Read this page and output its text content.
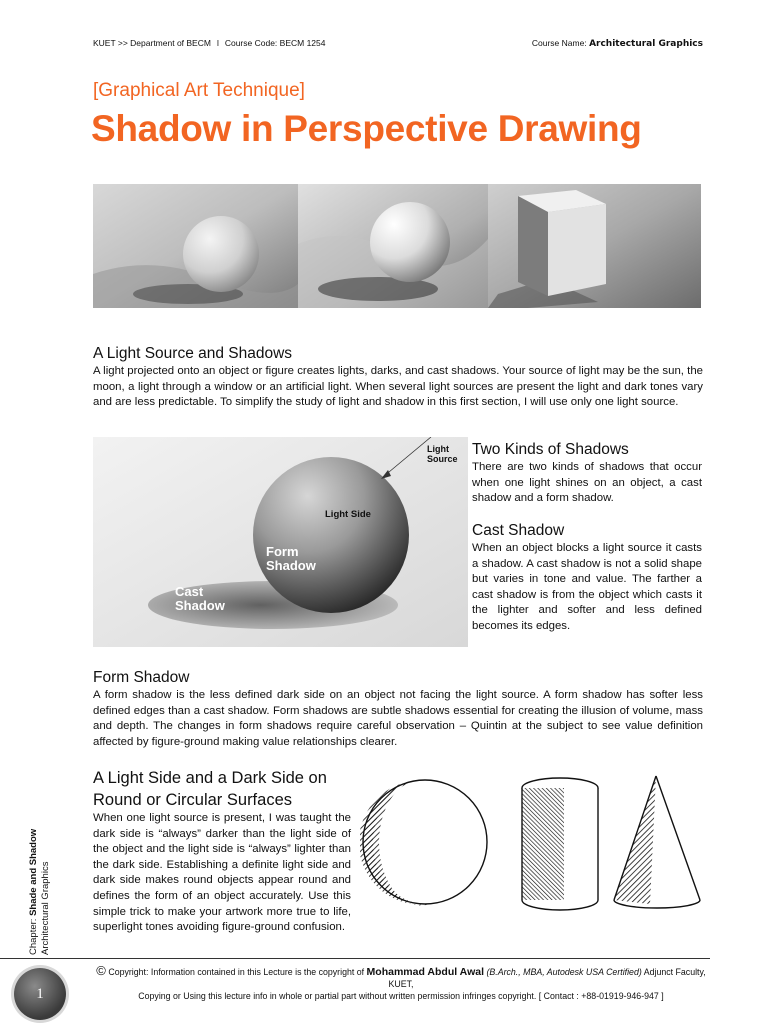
KUET >> Department of BECM l Course Code: BECM 1254	Course Name: Architectural Graphics
[Graphical Art Technique]
Shadow in Perspective Drawing
A Light Source and Shadows

A light projected onto an object or figure creates lights, darks, and cast shadows. Your source of light may be the sun, the moon, a light through a window or an artificial light. When several light sources are present the light and dark tones vary and are less predictable. To simplify the study of light and shadow in this first section, I will use only one light source.

Light
Source
Light Side
Form
Shadow
Cast
Shadow
Two Kinds of Shadows

There are two kinds of shadows that occur when one light shines on an object, a cast shadow and a form shadow.

Cast Shadow

When an object blocks a light source it casts a shadow. A cast shadow is not a solid shape but varies in tone and value. The farther a cast shadow is from the object which casts it the lighter and softer and less defined becomes its edges.

Form Shadow

A form shadow is the less defined dark side on an object not facing the light source. A form shadow has softer less defined edges than a cast shadow. Form shadows are subtle shadows essential for creating the illusion of volume, mass and depth. The changes in form shadows require careful observation – Quintin at the subject to see value definition affected by figure-ground making value relationships clearer.

A Light Side and a Dark Side on
Round or Circular Surfaces

When one light source is present, I was taught the dark side is “always” darker than the light side of the object and the light side is “always” lighter than the dark side. Establishing a definite light side and dark side makes round objects appear round and defines the form of an object accurately. Use this simple trick to make your artwork more true to life, superlight tones avoiding figure-ground confusion.

© Copyright: Information contained in this Lecture is the copyright of Mohammad Abdul Awal (B.Arch., MBA, Autodesk USA Certified) Adjunct Faculty, KUET,
Copying or Using this lecture info in whole or partial part without written permission infringes copyright. [ Contact : +88-01919-946-947 ]
Chapter: Shade and Shadow Architectural Graphics
1
